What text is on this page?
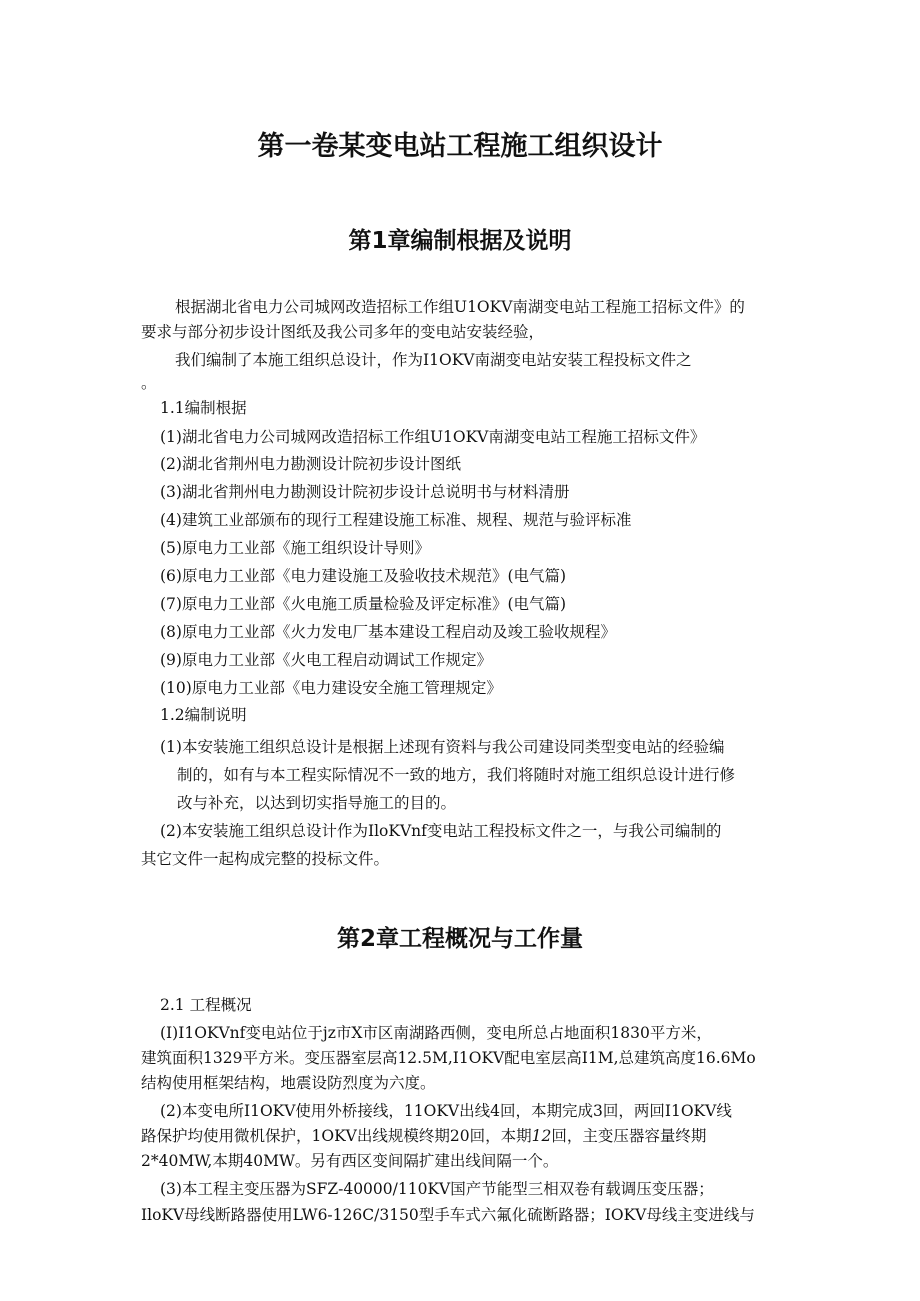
第一卷某变电站工程施工组织设计
第1章编制根据及说明
根据湖北省电力公司城网改造招标工作组U1OKV南湖变电站工程施工招标文件》的
要求与部分初步设计图纸及我公司多年的变电站安装经验，
我们编制了本施工组织总设计，作为I1OKV南湖变电站安装工程投标文件之
。
1.1编制根据
(1)湖北省电力公司城网改造招标工作组U1OKV南湖变电站工程施工招标文件》
(2)湖北省荆州电力勘测设计院初步设计图纸
(3)湖北省荆州电力勘测设计院初步设计总说明书与材料清册
(4)建筑工业部颁布的现行工程建设施工标准、规程、规范与验评标准
(5)原电力工业部《施工组织设计导则》
(6)原电力工业部《电力建设施工及验收技术规范》(电气篇)
(7)原电力工业部《火电施工质量检验及评定标准》(电气篇)
(8)原电力工业部《火力发电厂基本建设工程启动及竣工验收规程》
(9)原电力工业部《火电工程启动调试工作规定》
(10)原电力工业部《电力建设安全施工管理规定》
1.2编制说明
(1)本安装施工组织总设计是根据上述现有资料与我公司建设同类型变电站的经验编
制的，如有与本工程实际情况不一致的地方，我们将随时对施工组织总设计进行修
改与补充，以达到切实指导施工的目的。
(2)本安装施工组织总设计作为IloKVnf变电站工程投标文件之一，与我公司编制的
其它文件一起构成完整的投标文件。
第2章工程概况与工作量
2.1 工程概况
(I)I1OKVnf变电站位于jz市X市区南湖路西侧，变电所总占地面积1830平方米，
建筑面积1329平方米。变压器室层高12.5M,I1OKV配电室层高I1M,总建筑高度16.6Mo
结构使用框架结构，地震设防烈度为六度。
(2)本变电所I1OKV使用外桥接线，11OKV出线4回，本期完成3回，两回I1OKV线
路保护均使用微机保护，1OKV出线规模终期20回，本期12回，主变压器容量终期
2*40MW,本期40MW。另有西区变间隔扩建出线间隔一个。
(3)本工程主变压器为SFZ-40000/110KV国产节能型三相双卷有载调压变压器；
IloKV母线断路器使用LW6-126C/3150型手车式六氟化硫断路器；IOKV母线主变进线与
